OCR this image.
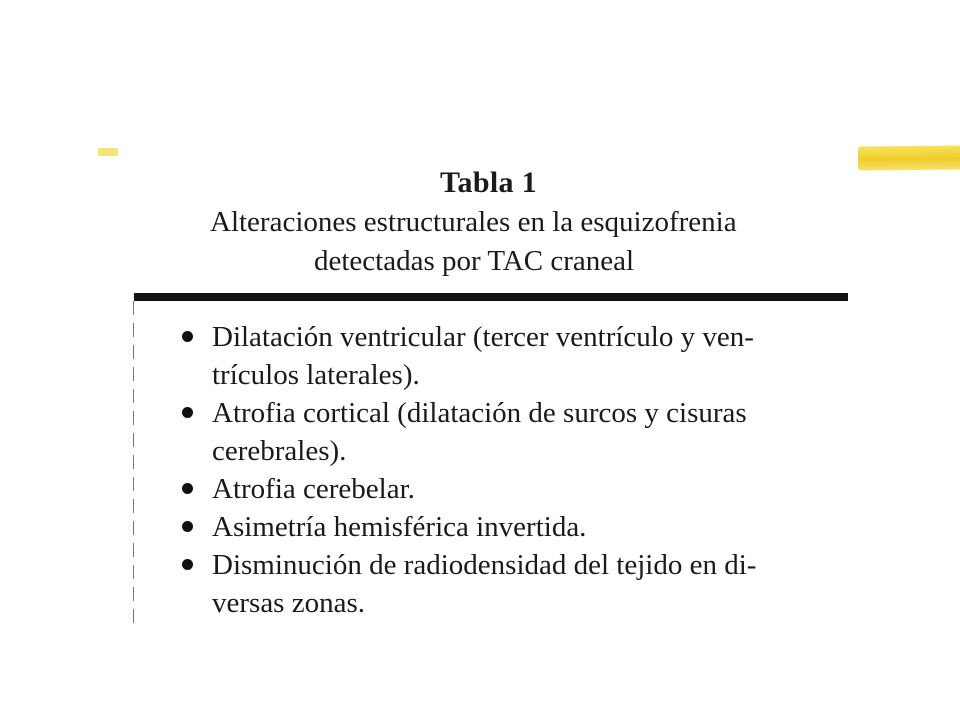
Tabla 1
Alteraciones estructurales en la esquizofrenia
detectadas por TAC craneal
Dilatación ventricular (tercer ventrículo y ven-
trículos laterales).
Atrofia cortical (dilatación de surcos y cisuras
cerebrales).
Atrofia cerebelar.
Asimetría hemisférica invertida.
Disminución de radiodensidad del tejido en di-
versas zonas.
